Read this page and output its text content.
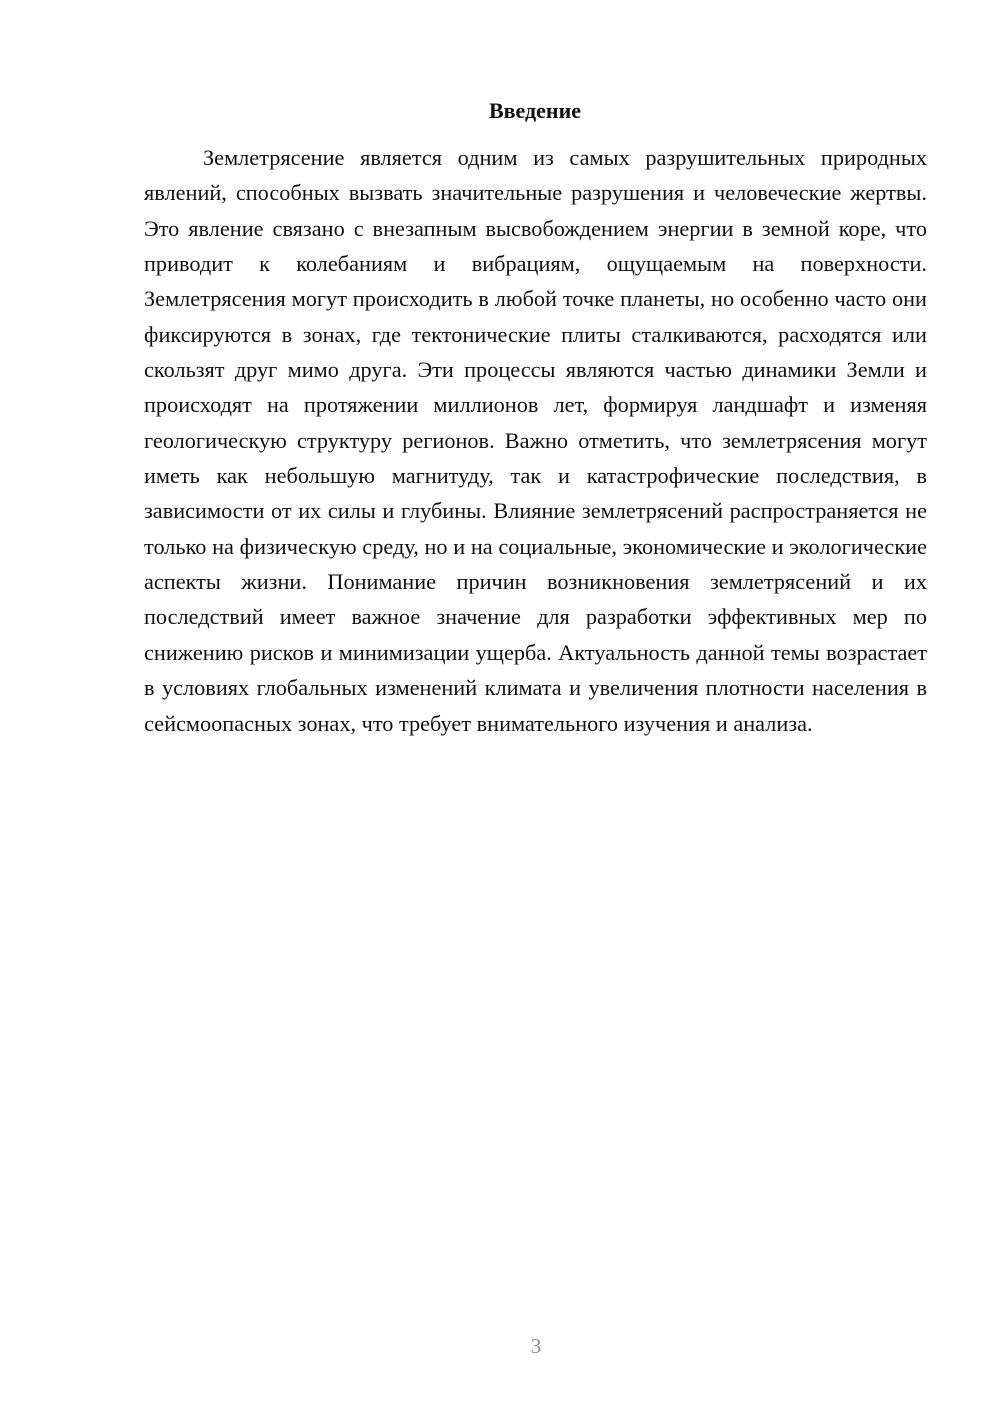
Введение

Землетрясение является одним из самых разрушительных природных явлений, способных вызвать значительные разрушения и человеческие жертвы. Это явление связано с внезапным высвобождением энергии в земной коре, что приводит к колебаниям и вибрациям, ощущаемым на поверхности. Землетрясения могут происходить в любой точке планеты, но особенно часто они фиксируются в зонах, где тектонические плиты сталкиваются, расходятся или скользят друг мимо друга. Эти процессы являются частью динамики Земли и происходят на протяжении миллионов лет, формируя ландшафт и изменяя геологическую структуру регионов. Важно отметить, что землетрясения могут иметь как небольшую магнитуду, так и катастрофические последствия, в зависимости от их силы и глубины. Влияние землетрясений распространяется не только на физическую среду, но и на социальные, экономические и экологические аспекты жизни. Понимание причин возникновения землетрясений и их последствий имеет важное значение для разработки эффективных мер по снижению рисков и минимизации ущерба. Актуальность данной темы возрастает в условиях глобальных изменений климата и увеличения плотности населения в сейсмоопасных зонах, что требует внимательного изучения и анализа.

3
